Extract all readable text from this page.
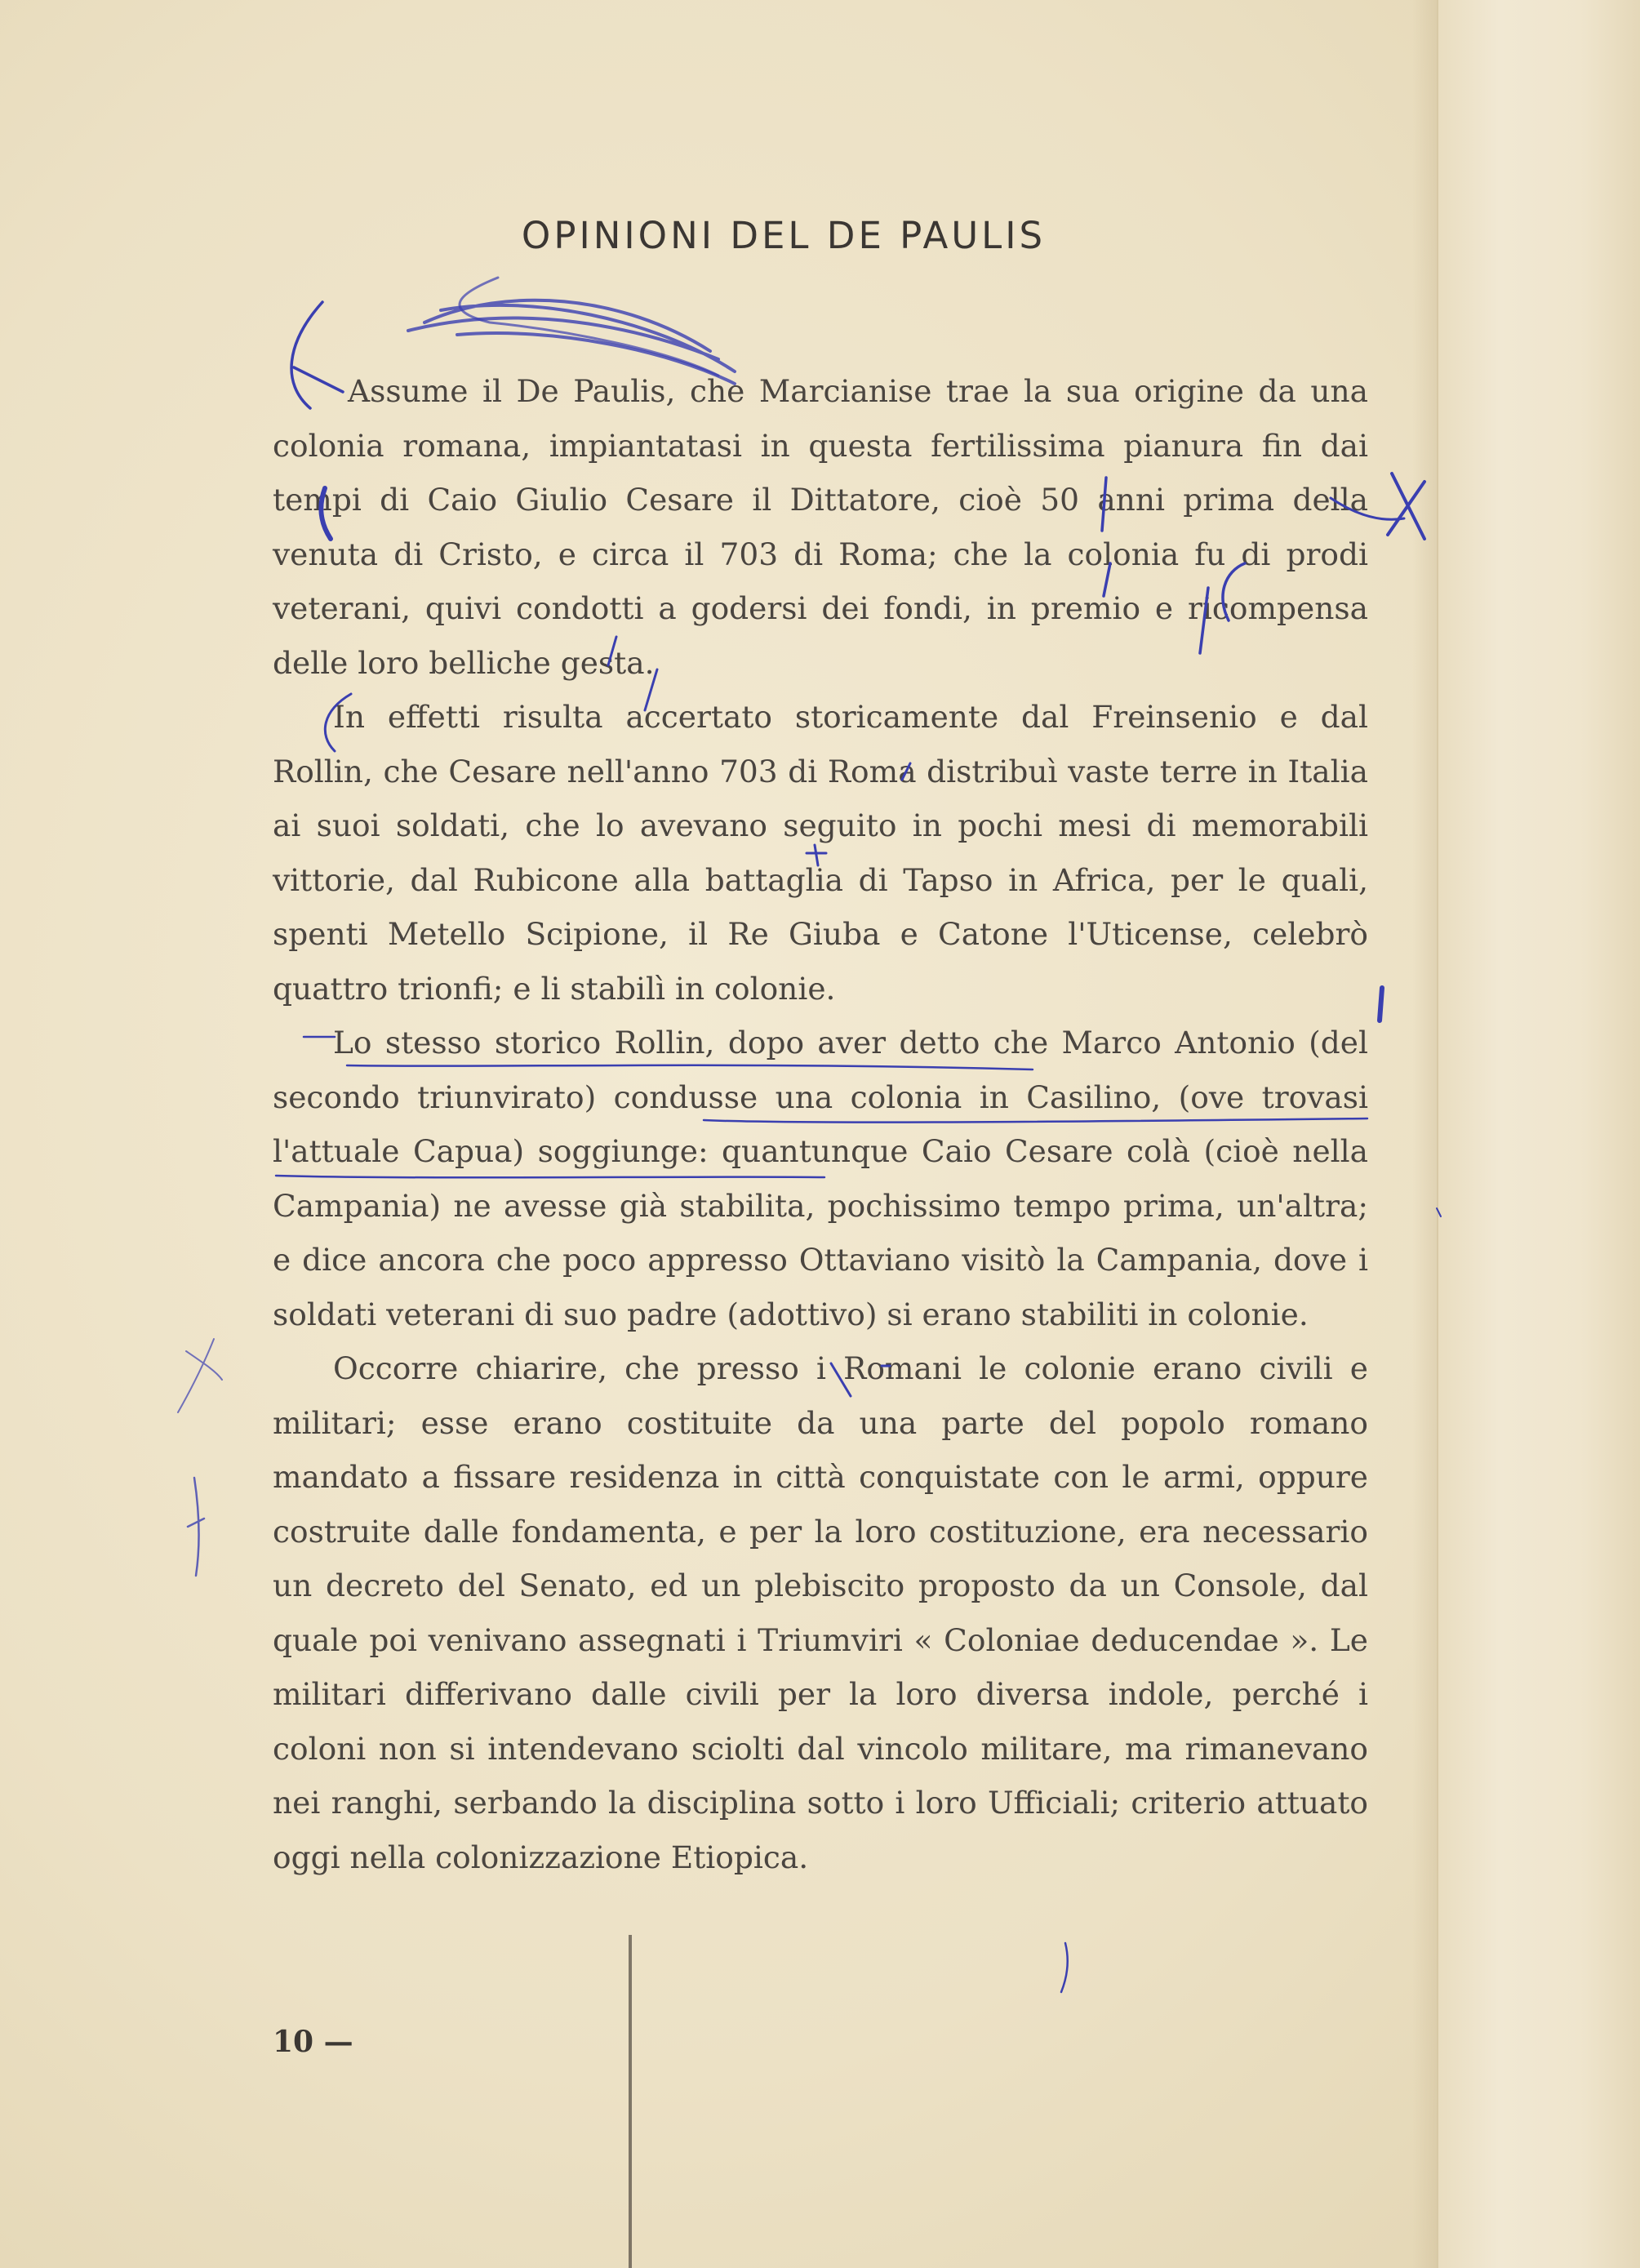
OPINIONI DEL DE PAULIS

Assume il De Paulis, che Marcianise trae la sua origine da una colonia romana, impiantatasi in questa fertilissima pianura fin dai tempi di Caio Giulio Cesare il Dittatore, cioè 50 anni prima della venuta di Cristo, e circa il 703 di Roma; che la colonia fu di prodi veterani, quivi condotti a godersi dei fondi, in premio e ricompensa delle loro belliche gesta.

In effetti risulta accertato storicamente dal Freinsenio e dal Rollin, che Cesare nell'anno 703 di Roma distribuì vaste terre in Italia ai suoi soldati, che lo avevano seguito in pochi mesi di memorabili vittorie, dal Rubicone alla battaglia di Tapso in Africa, per le quali, spenti Metello Scipione, il Re Giuba e Catone l'Uticense, celebrò quattro trionfi; e li stabilì in colonie.

Lo stesso storico Rollin, dopo aver detto che Marco Antonio (del secondo triunvirato) condusse una colonia in Casilino, (ove trovasi l'attuale Capua) soggiunge: quantunque Caio Cesare colà (cioè nella Campania) ne avesse già stabilita, pochissimo tempo prima, un'altra; e dice ancora che poco appresso Ottaviano visitò la Campania, dove i soldati veterani di suo padre (adottivo) si erano stabiliti in colonie.

Occorre chiarire, che presso i Romani le colonie erano civili e militari; esse erano costituite da una parte del popolo romano mandato a fissare residenza in città conquistate con le armi, oppure costruite dalle fondamenta, e per la loro costituzione, era necessario un decreto del Senato, ed un plebiscito proposto da un Console, dal quale poi venivano assegnati i Triumviri « Coloniae deducendae ». Le militari differivano dalle civili per la loro diversa indole, perché i coloni non si intendevano sciolti dal vincolo militare, ma rimanevano nei ranghi, serbando la disciplina sotto i loro Ufficiali; criterio attuato oggi nella colonizzazione Etiopica.

10 —
